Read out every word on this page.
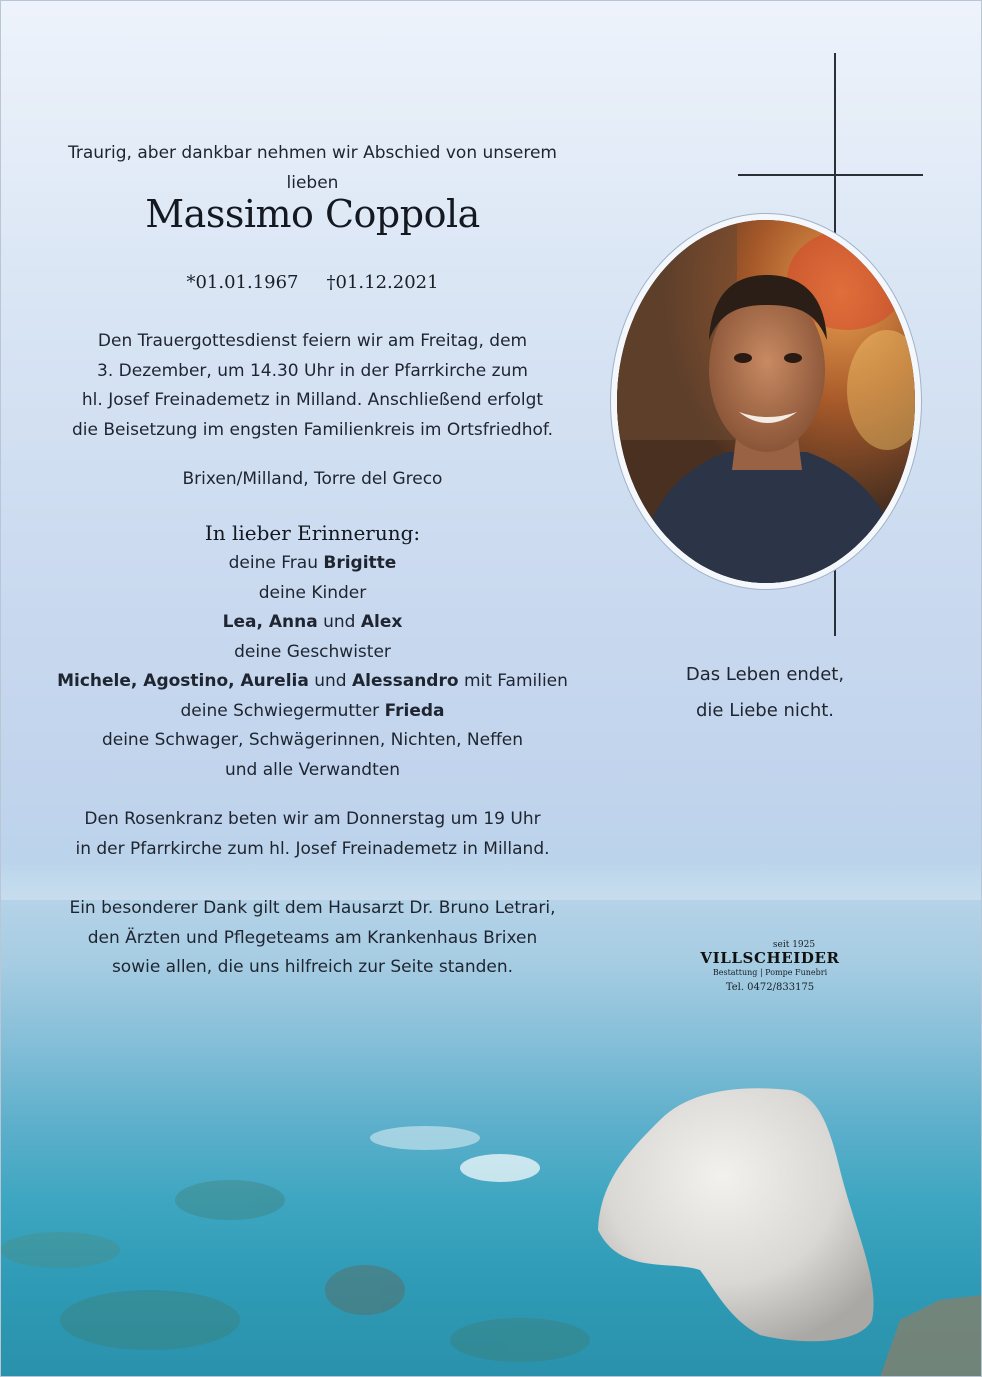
Traurig, aber dankbar nehmen wir Abschied von unserem lieben
Massimo Coppola
*01.01.1967 †01.12.2021
Den Trauergottesdienst feiern wir am Freitag, dem
3. Dezember, um 14.30 Uhr in der Pfarrkirche zum
hl. Josef Freinademetz in Milland. Anschließend erfolgt
die Beisetzung im engsten Familienkreis im Ortsfriedhof.
Brixen/Milland, Torre del Greco
In lieber Erinnerung:
deine Frau Brigitte
deine Kinder
Lea, Anna und Alex
deine Geschwister
Michele, Agostino, Aurelia und Alessandro mit Familien
deine Schwiegermutter Frieda
deine Schwager, Schwägerinnen, Nichten, Neffen
und alle Verwandten
Den Rosenkranz beten wir am Donnerstag um 19 Uhr
in der Pfarrkirche zum hl. Josef Freinademetz in Milland.
Ein besonderer Dank gilt dem Hausarzt Dr. Bruno Letrari,
den Ärzten und Pflegeteams am Krankenhaus Brixen
sowie allen, die uns hilfreich zur Seite standen.
Das Leben endet,
die Liebe nicht.
seit 1925
VILLSCHEIDER
Bestattung | Pompe Funebri
Tel. 0472/833175
